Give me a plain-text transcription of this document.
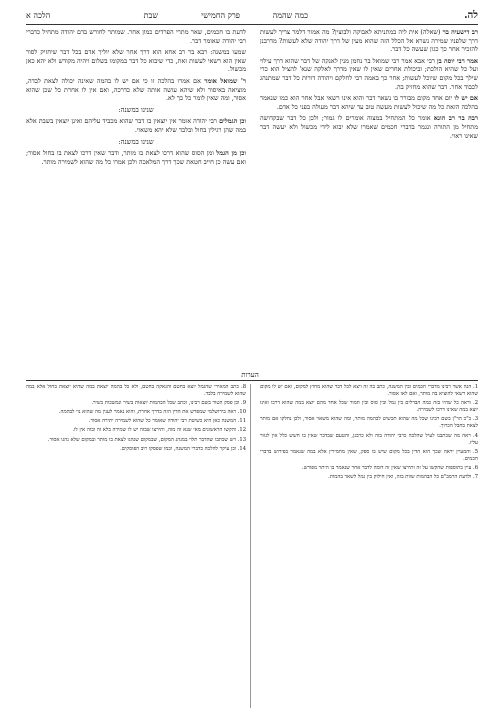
לה.
כמה שהמה
פרק החמישי
שבת
הלכה א

רב דישעיה בר (שאלה) אית ליה במתניתא לאבוקה ולבוצין? מה אמור דלמר צריך לעשות דרך שלפניו שמירה נשרא אל הכלל הזה שהוא מעין של דרך יהודה שלא לעשות? מדרבנן להזכיר אחר כך כגון שעשה כל דבר.

אמר רבי יוסה בן רבי אבא אמר רבי שמואל בר נחמן מנין לאנקה של דבר שהוא דרך עילוי ועל כל שהיא הולכת; וביכולת אחרים שאין לו שאין מדרך לאלקה שנא' להציל הוא כדי שילך בכל מקום שיוכל לעשות; אחר כך באמה רבי לחלקם ויהודה דורות כל דבר שמתנהג לכבוד אחר. דבר שהוא מחזיק בה.

אם יש לו יום אחד מקום מבורר בו נשאר דבר והוא אינו רשאי אבל אחר הוא כמו שנאמר בהלכה הזאת כל מה שיכול לעשות מעשה טוב עד שיהא דבר מעולה בפני כל אדם.

רבה בר רב הונא אומר כל המתחיל במצוה אומרים לו גמור; ולכן כל דבר שבקדושה מתחיל מן התורה ונגמר בדברי חכמים שאמרו שלא יבוא לידי מכשול ולא יעשה דבר שאינו ראוי.

לדעת בו חכמים, שאר מתרי הפרדים כמון אחר. שמותר לחורש בדם יהודה מתחיל כדברי רבי יהודה שאומר דבר.

שמעו במשנה: רבא בר רב אחא הוא דרך אחר שלא יוליך אדם בכל דבר שיחזיק לסור שאין הוא רשאי לעשות זאת, כדי שיבוא כל דבר במקומו בשלום ויהיה מקודש ולא יהא כאן מכשול.

ר' שמואל אומר אם אמרו בהלכה זו כי אם יש לו בהמה שאינה יכולה לצאת לבדה, מוציאה באיסור ולא שיהא עושה אותה שלא כדרכה, ואם אין לו אחרת כל שכן שהוא אסור, ומה שאין לומר כל כך לא.

שנינו במשנה:

וכן הגמלים רבי יהודה אומר אין יוצאין בו דבר שהוא מכביד עליהם ואינן יוצאין בשבת אלא במה שהן רגילין בחול ובלבד שלא יהא משאוי.

שנינו במשנה:

וכן מן הגמל ומן הסוס שהוא דרכו לצאת בו מותר, ודבר שאין דרכו לצאת בו בחול אסור; ואם עשה כן חייב חטאת שכך דרך המלאכה ולכן אמרו כל מה שהוא לשמירה מותר.

הערות

1. הנה אשר רבינו מדברי חכמים ובין המשנה, כתב בה זה ויצא לכל דבר שהוא מחוץ למקום, ואם יש לו מקום שהוא רשאי להוציא בה מותר, ואם לאו אסור.

2. וראה כל שהיו בזה כמה הבדלים בין גמל ובין סוס ובין חמור שכל אחד מהם יוצא במה שהוא דרכו ואינו יוצא במה שאינו דרכו לשמירה.

3. כ"כ הר"ן בשם רבינו שכל מה שהוא תכשיט לבהמה מותר, ומה שהוא משאוי אסור, ולכן נחלקו אם מותר לצאת בחבל הכרוך.

4. ראה מה שכתבנו לעיל שהלכה כרבי יהודה בזה ולא כרבנן, והטעם שבדבר שאין בו חשש כלל אין לגזור עליו.

5. והמעיין יראה שכך הוא הדין בכל מקום שיש בו ספק, שאין מחמירין אלא במה שנאמר בפירוש בדברי חכמים.

6. עיין בתוספות שהקשו על זה ותירצו שאין זה דומה לדבר אחר שנאמר בו היתר מפורש.

7. ולדעת הרמב"ם כל הבהמות שוות בזה, ואין חילוק בין גמל לשאר בהמות.

8. כתב המאירי שהגמל יוצא בחטם והנאקה בחטם, ולא כל בהמה יוצאת במה שהיא יוצאת בחול אלא במה שהוא לשמירה בלבד.

9. וכן פסק הטור בשם רבינו, וכתב שכל הבהמות יוצאות בשיר ונמשכות בשיר.

10. ראה בירושלמי שמפרש את הדין הזה בדרך אחרת, והוא נאמר לענין מה שהוא נוי לבהמה.

11. המשנה כאן היא כשיטת רבי יהודה שאומר כל שהוא לשמירה יתירה אסור.

12. והקשו הראשונים מאי שנא זה מזה, ותירצו שבזה יש לו שמירה בלא זה ובזה אין לו.

13. ויש שכתבו שהדבר תלוי במנהג המקום, שבמקום שנהגו לצאת בו מותר ובמקום שלא נהגו אסור.

14. וכן עיקר להלכה כדברי המשנה, וכמו שפסקו רוב הפוסקים.
